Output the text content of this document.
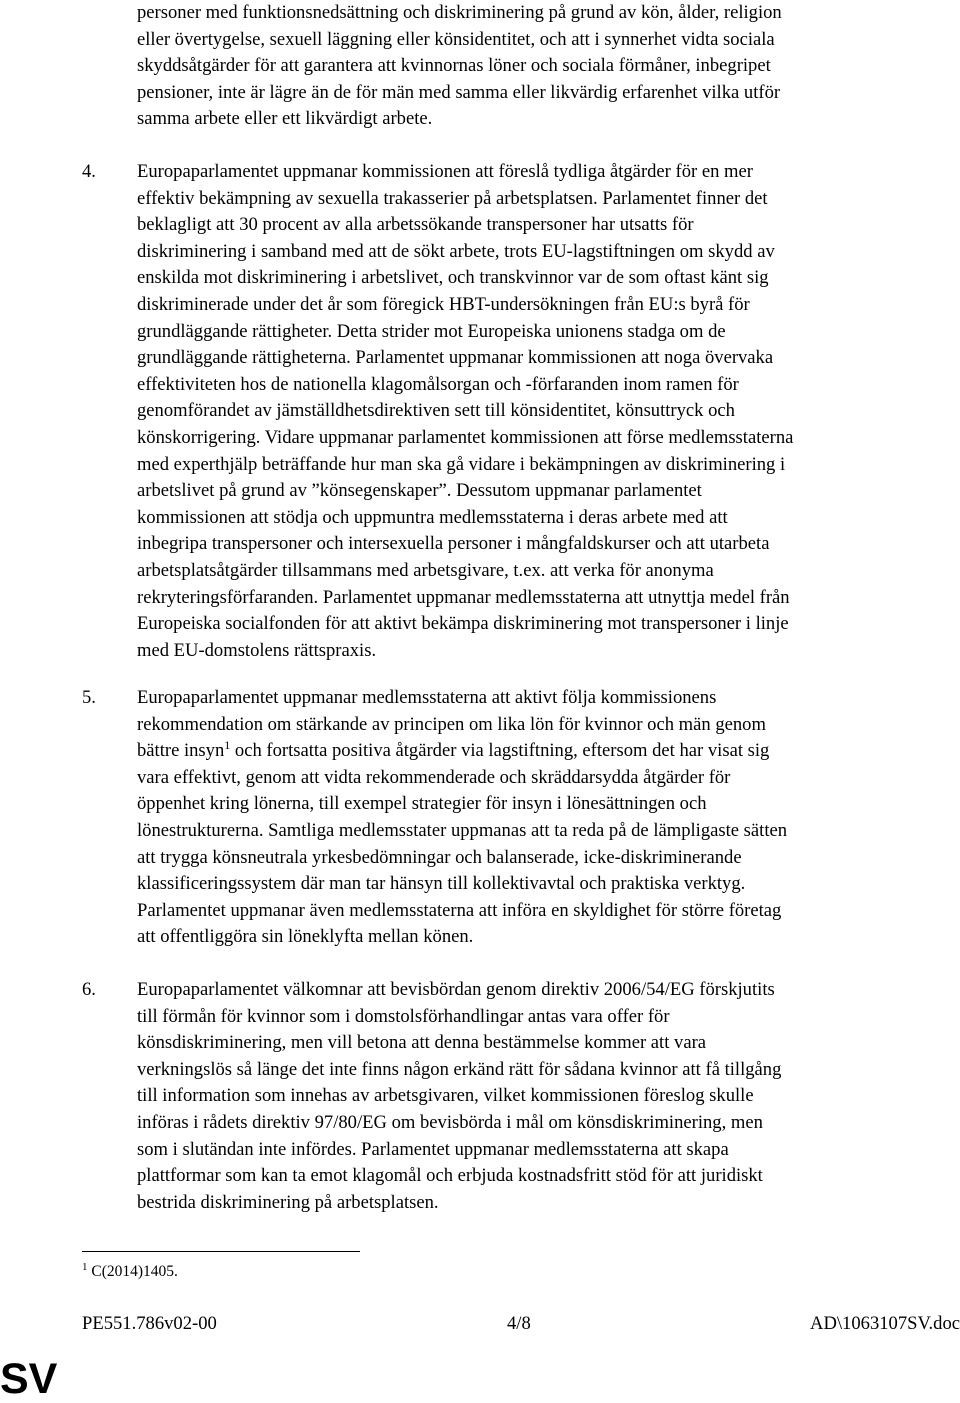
personer med funktionsnedsättning och diskriminering på grund av kön, ålder, religion
eller övertygelse, sexuell läggning eller könsidentitet, och att i synnerhet vidta sociala
skyddsåtgärder för att garantera att kvinnornas löner och sociala förmåner, inbegripet
pensioner, inte är lägre än de för män med samma eller likvärdig erfarenhet vilka utför
samma arbete eller ett likvärdigt arbete.
4.	Europaparlamentet uppmanar kommissionen att föreslå tydliga åtgärder för en mer
effektiv bekämpning av sexuella trakasserier på arbetsplatsen. Parlamentet finner det
beklagligt att 30 procent av alla arbetssökande transpersoner har utsatts för
diskriminering i samband med att de sökt arbete, trots EU-lagstiftningen om skydd av
enskilda mot diskriminering i arbetslivet, och transkvinnor var de som oftast känt sig
diskriminerade under det år som föregick HBT-undersökningen från EU:s byrå för
grundläggande rättigheter. Detta strider mot Europeiska unionens stadga om de
grundläggande rättigheterna. Parlamentet uppmanar kommissionen att noga övervaka
effektiviteten hos de nationella klagomålsorgan och -förfaranden inom ramen för
genomförandet av jämställdhetsdirektiven sett till könsidentitet, könsuttryck och
könskorrigering. Vidare uppmanar parlamentet kommissionen att förse medlemsstaterna
med experthjälp beträffande hur man ska gå vidare i bekämpningen av diskriminering i
arbetslivet på grund av ”könsegenskaper”. Dessutom uppmanar parlamentet
kommissionen att stödja och uppmuntra medlemsstaterna i deras arbete med att
inbegripa transpersoner och intersexuella personer i mångfaldskurser och att utarbeta
arbetsplatsåtgärder tillsammans med arbetsgivare, t.ex. att verka för anonyma
rekryteringsförfaranden. Parlamentet uppmanar medlemsstaterna att utnyttja medel från
Europeiska socialfonden för att aktivt bekämpa diskriminering mot transpersoner i linje
med EU-domstolens rättspraxis.
5.	Europaparlamentet uppmanar medlemsstaterna att aktivt följa kommissionens
rekommendation om stärkande av principen om lika lön för kvinnor och män genom
bättre insyn$^1$ och fortsatta positiva åtgärder via lagstiftning, eftersom det har visat sig
vara effektivt, genom att vidta rekommenderade och skräddarsydda åtgärder för
öppenhet kring lönerna, till exempel strategier för insyn i lönesättningen och
lönestrukturerna. Samtliga medlemsstater uppmanas att ta reda på de lämpligaste sätten
att trygga könsneutrala yrkesbedömningar och balanserade, icke-diskriminerande
klassificeringssystem där man tar hänsyn till kollektivavtal och praktiska verktyg.
Parlamentet uppmanar även medlemsstaterna att införa en skyldighet för större företag
att offentliggöra sin löneklyfta mellan könen.
6.	Europaparlamentet välkomnar att bevisbördan genom direktiv 2006/54/EG förskjutits
till förmån för kvinnor som i domstolsförhandlingar antas vara offer för
könsdiskriminering, men vill betona att denna bestämmelse kommer att vara
verkningslös så länge det inte finns någon erkänd rätt för sådana kvinnor att få tillgång
till information som innehas av arbetsgivaren, vilket kommissionen föreslog skulle
införas i rådets direktiv 97/80/EG om bevisbörda i mål om könsdiskriminering, men
som i slutändan inte infördes. Parlamentet uppmanar medlemsstaterna att skapa
plattformar som kan ta emot klagomål och erbjuda kostnadsfritt stöd för att juridiskt
bestrida diskriminering på arbetsplatsen.
$^1$ C(2014)1405.
PE551.786v02-00	4/8	AD\1063107SV.doc
SV
